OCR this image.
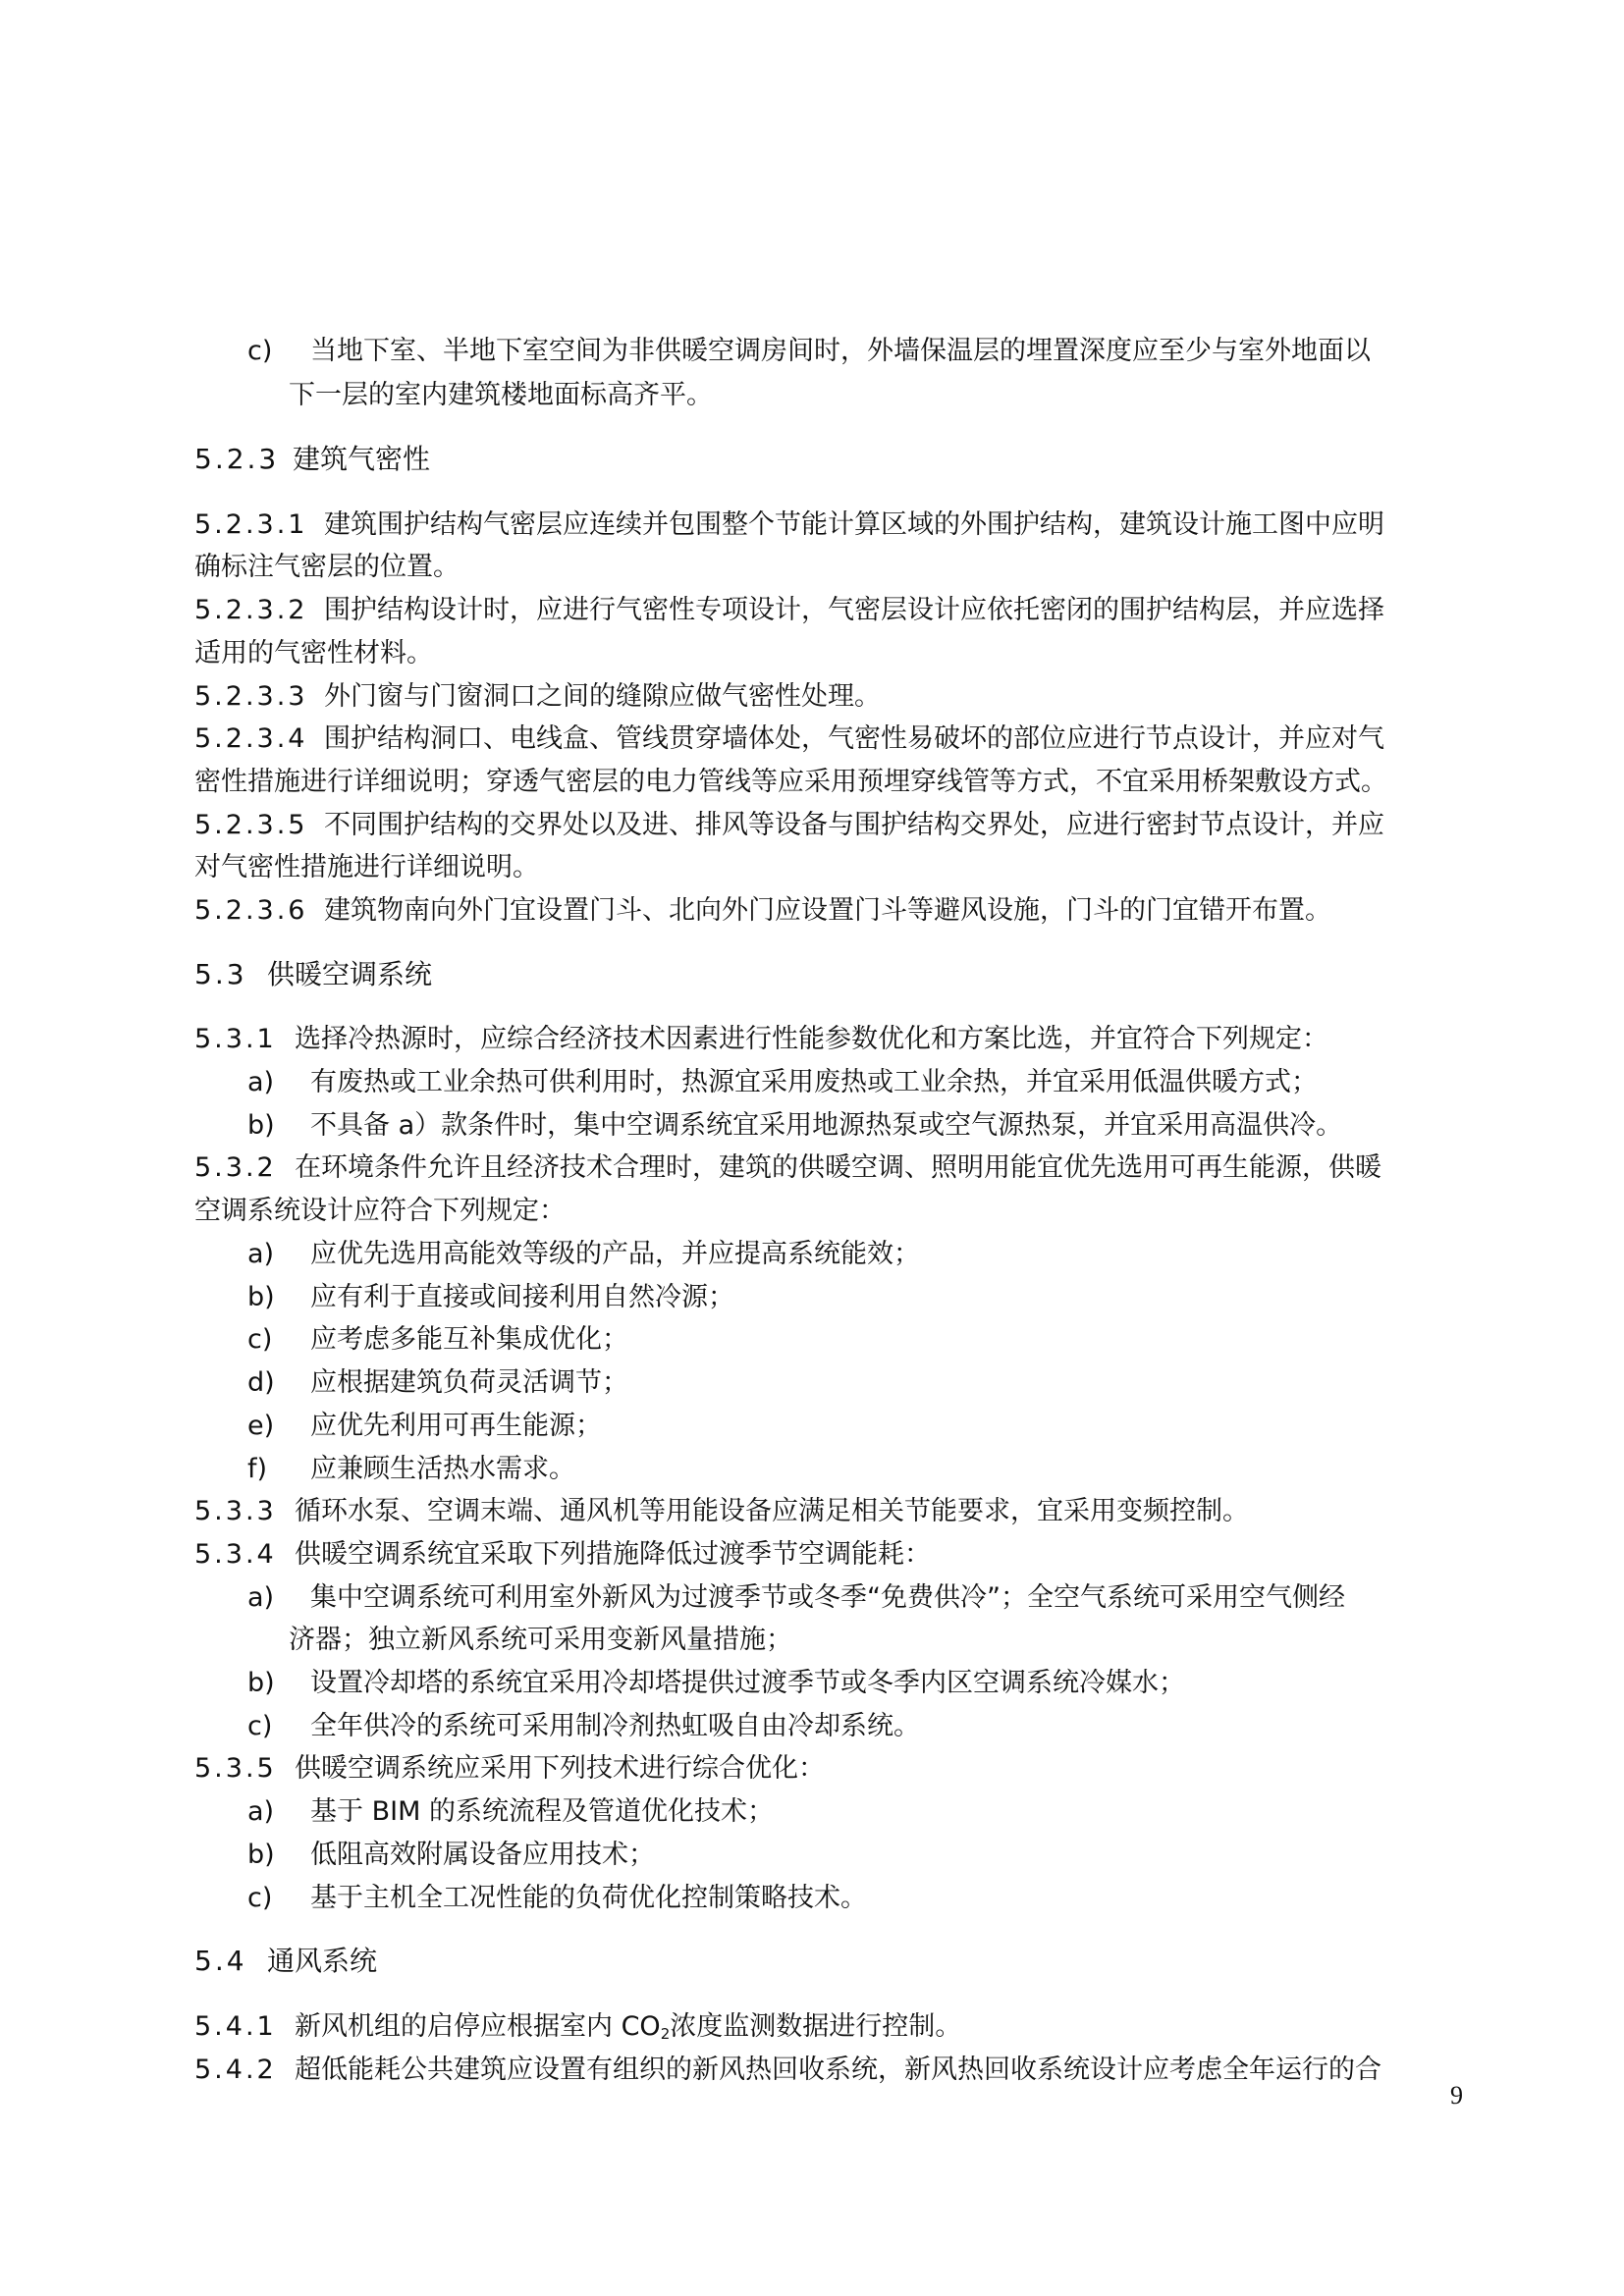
c) 当地下室、半地下室空间为非供暖空调房间时，外墙保温层的埋置深度应至少与室外地面以
下一层的室内建筑楼地面标高齐平。
5.2.3 建筑气密性
5.2.3.1 建筑围护结构气密层应连续并包围整个节能计算区域的外围护结构，建筑设计施工图中应明
确标注气密层的位置。
5.2.3.2 围护结构设计时，应进行气密性专项设计，气密层设计应依托密闭的围护结构层，并应选择
适用的气密性材料。
5.2.3.3 外门窗与门窗洞口之间的缝隙应做气密性处理。
5.2.3.4 围护结构洞口、电线盒、管线贯穿墙体处，气密性易破坏的部位应进行节点设计，并应对气
密性措施进行详细说明；穿透气密层的电力管线等应采用预埋穿线管等方式，不宜采用桥架敷设方式。
5.2.3.5 不同围护结构的交界处以及进、排风等设备与围护结构交界处，应进行密封节点设计，并应
对气密性措施进行详细说明。
5.2.3.6 建筑物南向外门宜设置门斗、北向外门应设置门斗等避风设施，门斗的门宜错开布置。
5.3 供暖空调系统
5.3.1 选择冷热源时，应综合经济技术因素进行性能参数优化和方案比选，并宜符合下列规定：
a) 有废热或工业余热可供利用时，热源宜采用废热或工业余热，并宜采用低温供暖方式；
b) 不具备 a）款条件时，集中空调系统宜采用地源热泵或空气源热泵，并宜采用高温供冷。
5.3.2 在环境条件允许且经济技术合理时，建筑的供暖空调、照明用能宜优先选用可再生能源，供暖
空调系统设计应符合下列规定：
a) 应优先选用高能效等级的产品，并应提高系统能效；
b) 应有利于直接或间接利用自然冷源；
c) 应考虑多能互补集成优化；
d) 应根据建筑负荷灵活调节；
e) 应优先利用可再生能源；
f) 应兼顾生活热水需求。
5.3.3 循环水泵、空调末端、通风机等用能设备应满足相关节能要求，宜采用变频控制。
5.3.4 供暖空调系统宜采取下列措施降低过渡季节空调能耗：
a) 集中空调系统可利用室外新风为过渡季节或冬季“免费供冷”；全空气系统可采用空气侧经
济器；独立新风系统可采用变新风量措施；
b) 设置冷却塔的系统宜采用冷却塔提供过渡季节或冬季内区空调系统冷媒水；
c) 全年供冷的系统可采用制冷剂热虹吸自由冷却系统。
5.3.5 供暖空调系统应采用下列技术进行综合优化：
a) 基于 BIM 的系统流程及管道优化技术；
b) 低阻高效附属设备应用技术；
c) 基于主机全工况性能的负荷优化控制策略技术。
5.4 通风系统
5.4.1 新风机组的启停应根据室内 $CO_2$浓度监测数据进行控制。
5.4.2 超低能耗公共建筑应设置有组织的新风热回收系统，新风热回收系统设计应考虑全年运行的合
9
